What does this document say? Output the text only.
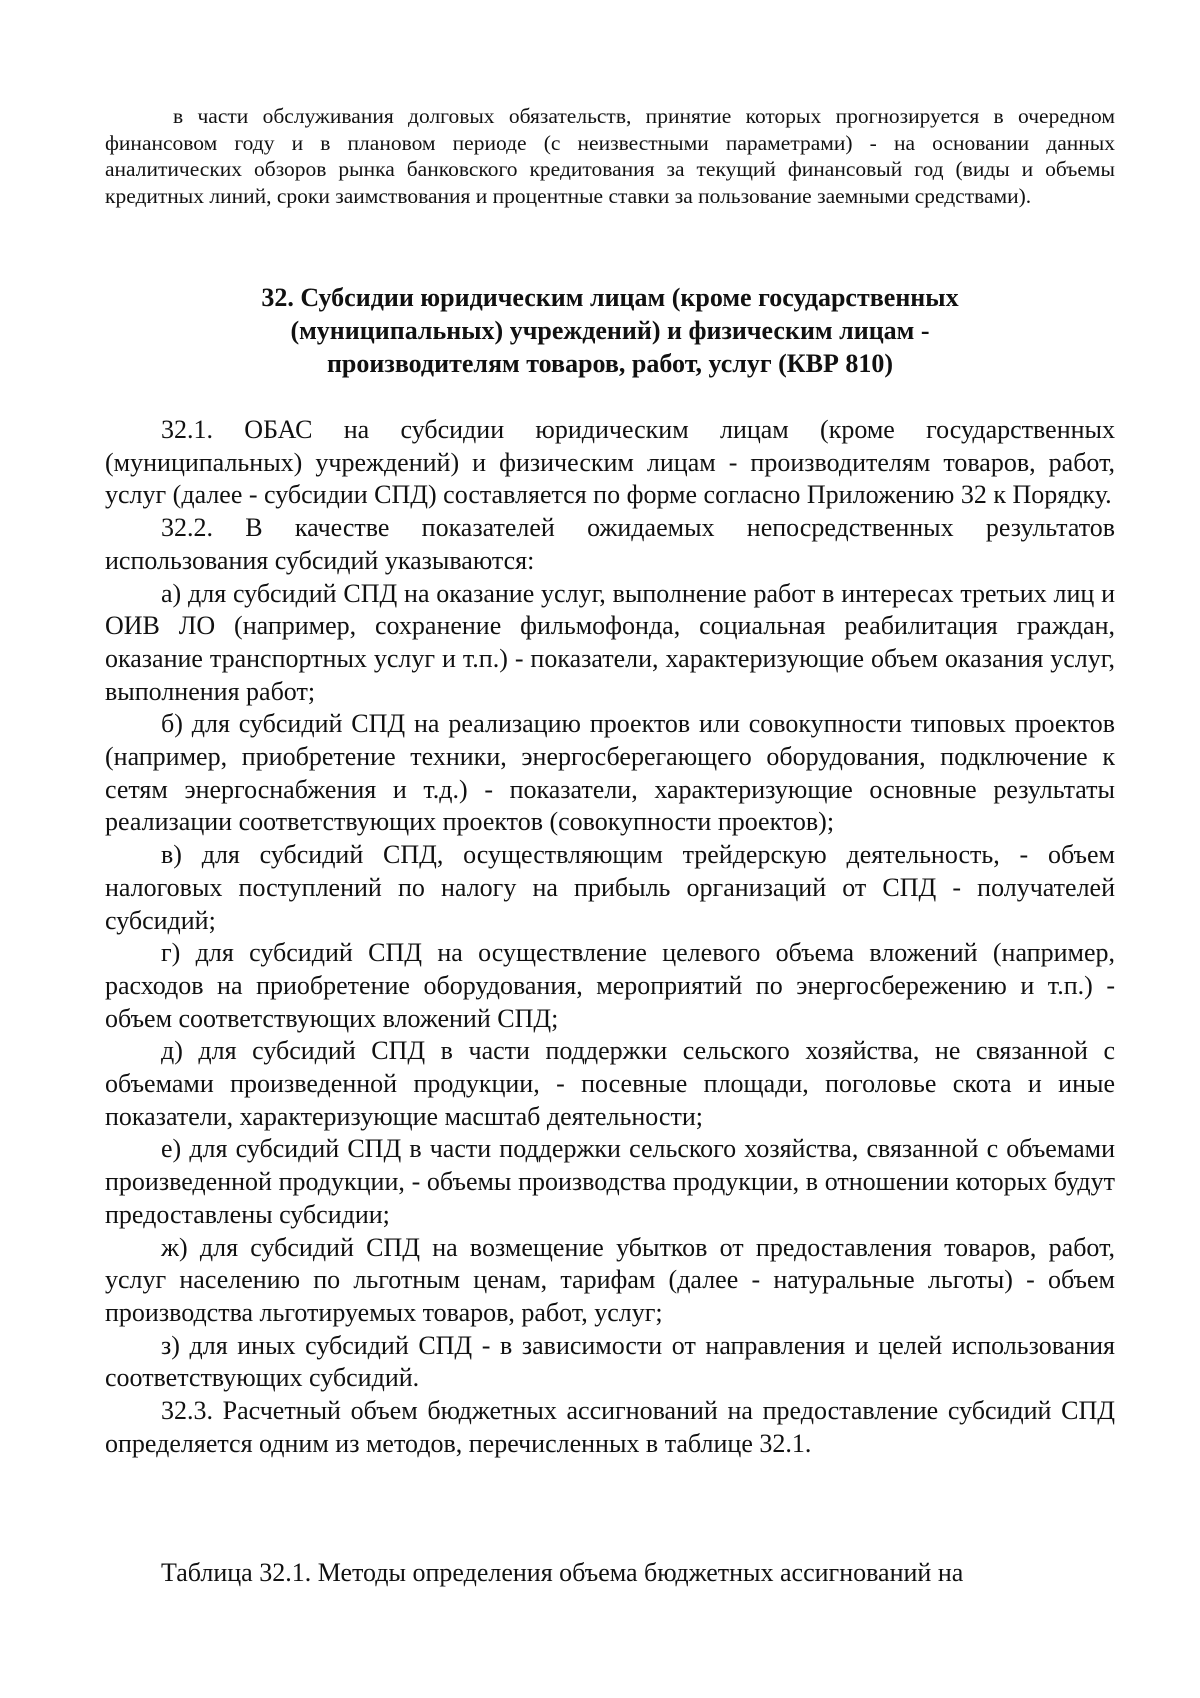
в части обслуживания долговых обязательств, принятие которых прогнозируется в очередном финансовом году и в плановом периоде (с неизвестными параметрами) - на основании данных аналитических обзоров рынка банковского кредитования за текущий финансовый год (виды и объемы кредитных линий, сроки заимствования и процентные ставки за пользование заемными средствами).

32. Субсидии юридическим лицам (кроме государственных
(муниципальных) учреждений) и физическим лицам -
производителям товаров, работ, услуг (КВР 810)

32.1. ОБАС на субсидии юридическим лицам (кроме государственных (муниципальных) учреждений) и физическим лицам - производителям товаров, работ, услуг (далее - субсидии СПД) составляется по форме согласно Приложению 32 к Порядку.

32.2. В качестве показателей ожидаемых непосредственных результатов использования субсидий указываются:

а) для субсидий СПД на оказание услуг, выполнение работ в интересах третьих лиц и ОИВ ЛО (например, сохранение фильмофонда, социальная реабилитация граждан, оказание транспортных услуг и т.п.) - показатели, характеризующие объем оказания услуг, выполнения работ;

б) для субсидий СПД на реализацию проектов или совокупности типовых проектов (например, приобретение техники, энергосберегающего оборудования, подключение к сетям энергоснабжения и т.д.) - показатели, характеризующие основные результаты реализации соответствующих проектов (совокупности проектов);

в) для субсидий СПД, осуществляющим трейдерскую деятельность, - объем налоговых поступлений по налогу на прибыль организаций от СПД - получателей субсидий;

г) для субсидий СПД на осуществление целевого объема вложений (например, расходов на приобретение оборудования, мероприятий по энергосбережению и т.п.) - объем соответствующих вложений СПД;

д) для субсидий СПД в части поддержки сельского хозяйства, не связанной с объемами произведенной продукции, - посевные площади, поголовье скота и иные показатели, характеризующие масштаб деятельности;

е) для субсидий СПД в части поддержки сельского хозяйства, связанной с объемами произведенной продукции, - объемы производства продукции, в отношении которых будут предоставлены субсидии;

ж) для субсидий СПД на возмещение убытков от предоставления товаров, работ, услуг населению по льготным ценам, тарифам (далее - натуральные льготы) - объем производства льготируемых товаров, работ, услуг;

з) для иных субсидий СПД - в зависимости от направления и целей использования соответствующих субсидий.

32.3. Расчетный объем бюджетных ассигнований на предоставление субсидий СПД определяется одним из методов, перечисленных в таблице 32.1.

Таблица 32.1. Методы определения объема бюджетных ассигнований на
